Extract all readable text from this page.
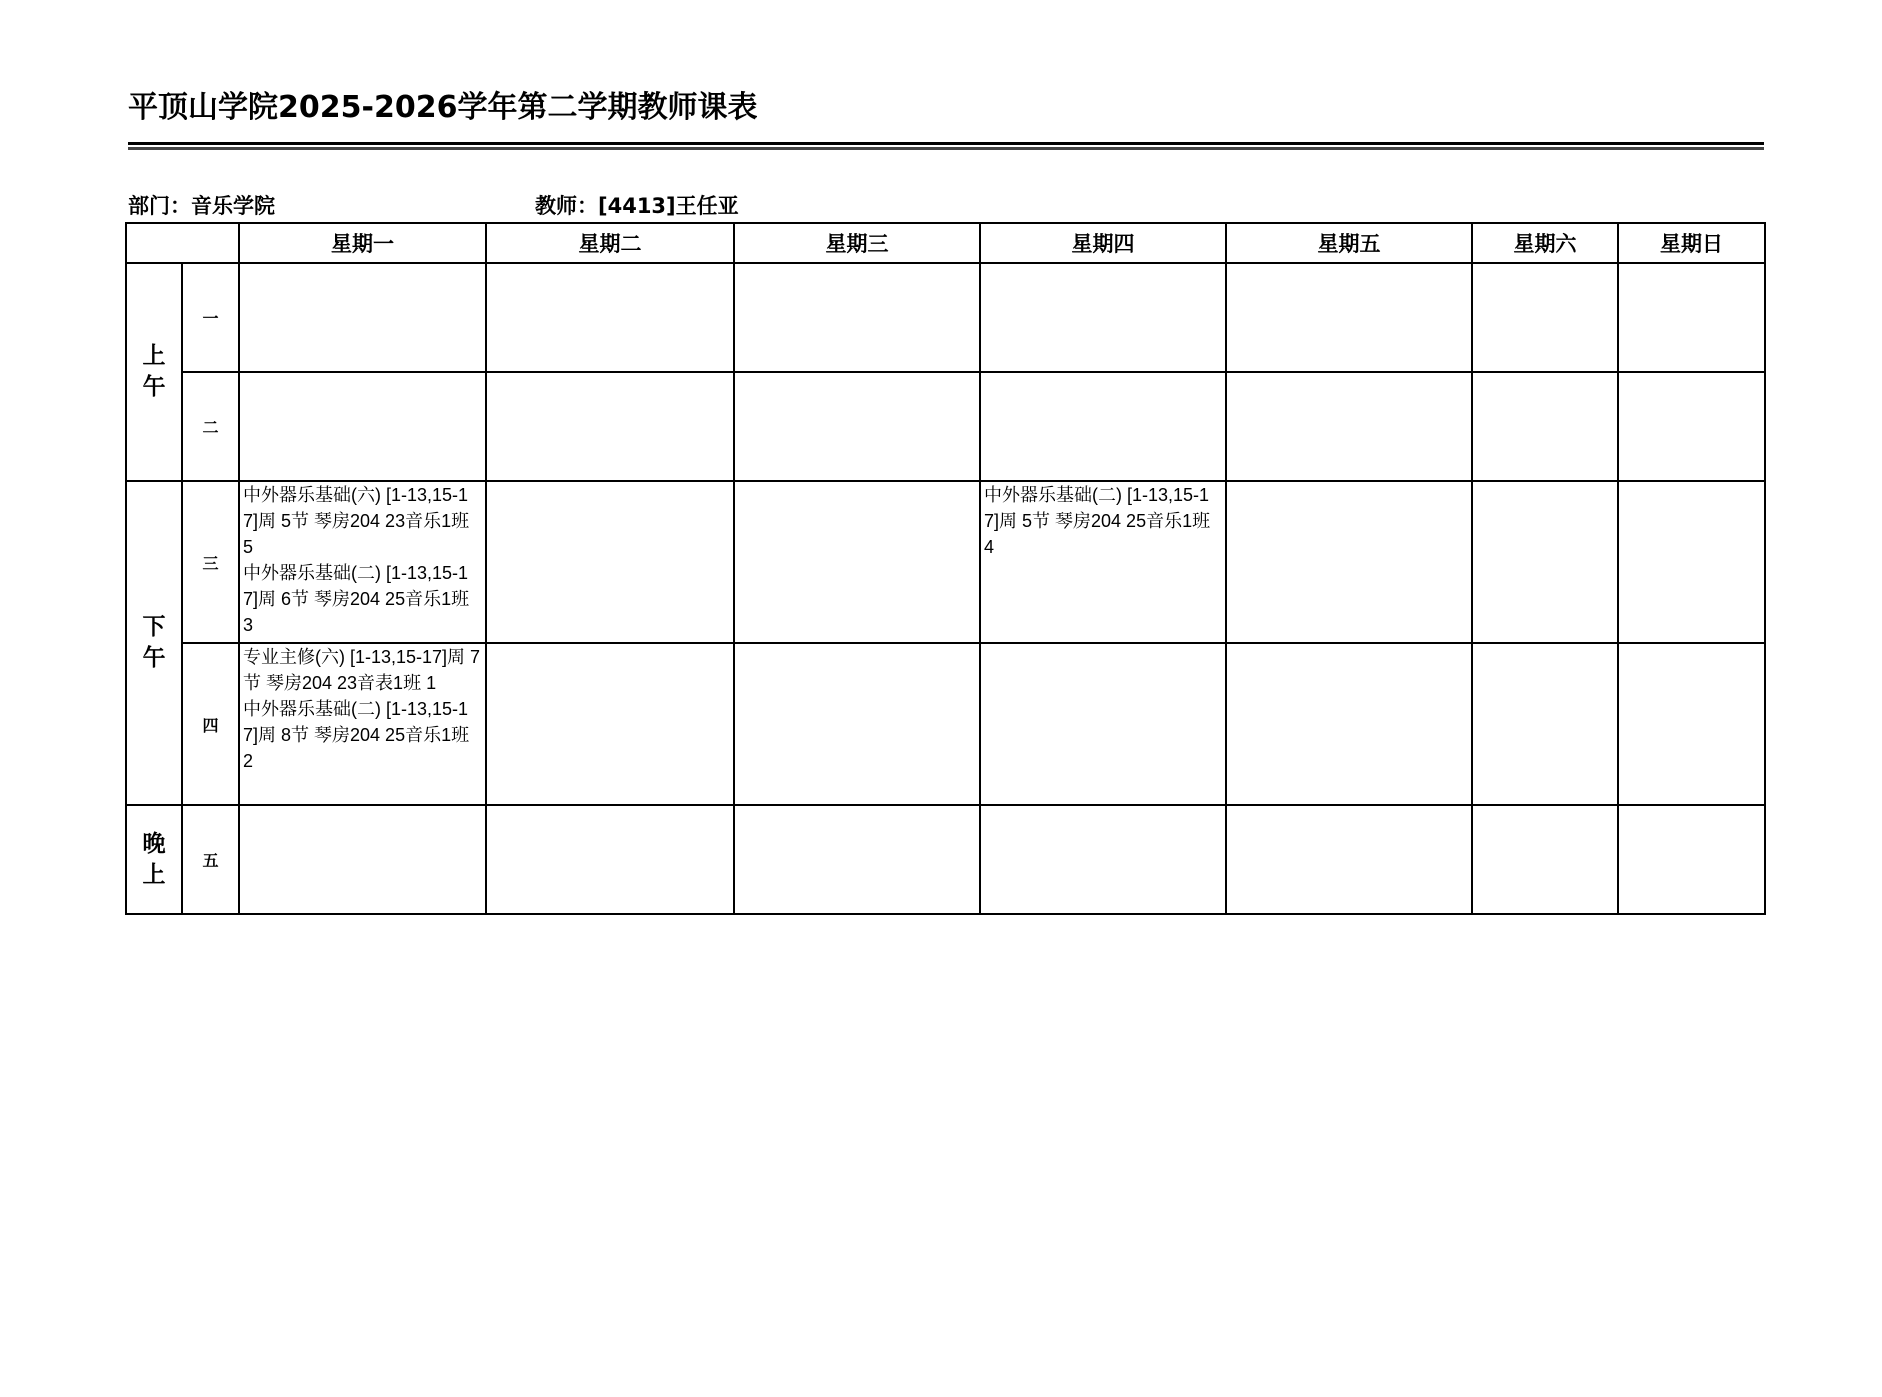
平顶山学院2025-2026学年第二学期教师课表
部门：音乐学院	教师：[4413]王任亚
		星期一	星期二	星期三	星期四	星期五	星期六	星期日

上
午	一							
	二							

下
午	三	中外器乐基础(六) [1-13,15-17]周 5节 琴房204 23音乐1班 5
中外器乐基础(二) [1-13,15-17]周 6节 琴房204 25音乐1班 3			中外器乐基础(二) [1-13,15-17]周 5节 琴房204 25音乐1班 4			

	四	专业主修(六) [1-13,15-17]周 7节 琴房204 23音表1班 1
中外器乐基础(二) [1-13,15-17]周 8节 琴房204 25音乐1班 2						

晚
上	五							
